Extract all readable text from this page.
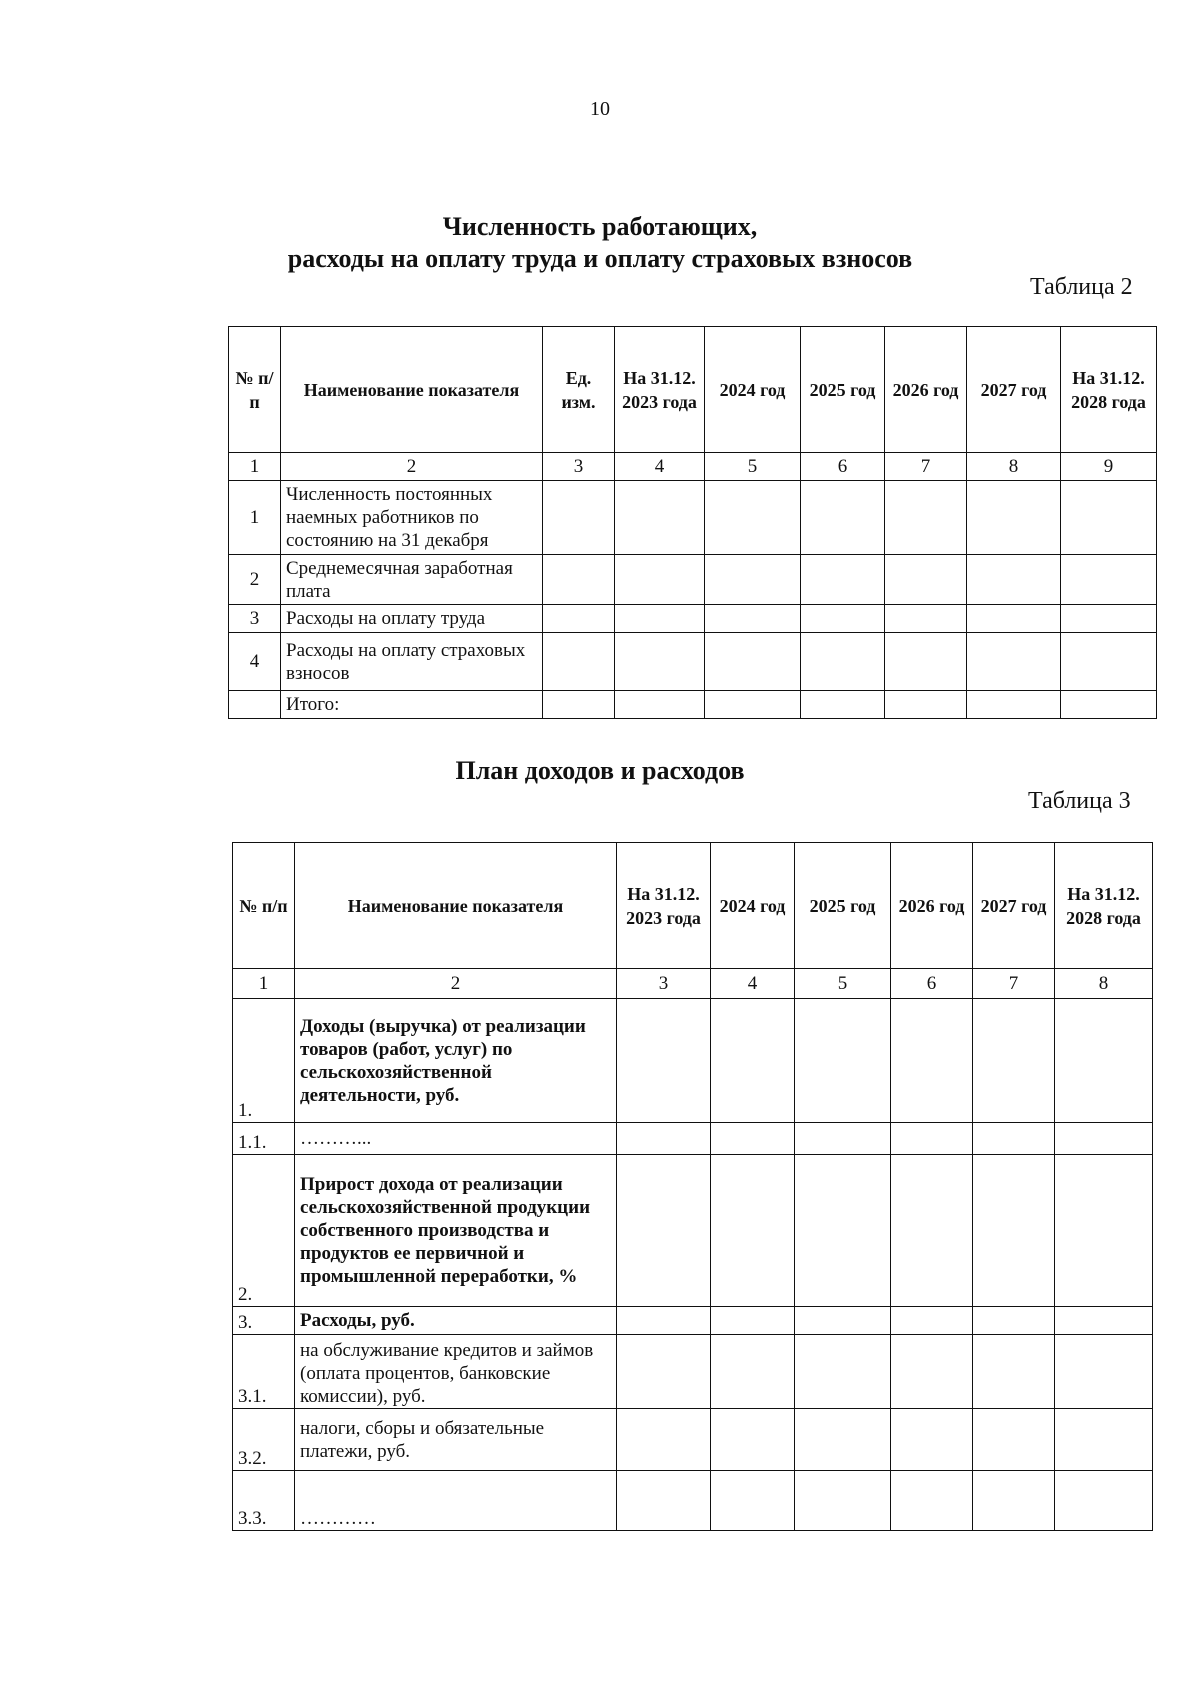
10
Численность работающих,
расходы на оплату труда и оплату страховых взносов
Таблица 2
№ п/п	Наименование показателя	Ед. изм.	На 31.12. 2023 года	2024 год	2025 год	2026 год	2027 год	На 31.12. 2028 года
1	2	3	4	5	6	7	8	9
1	Численность постоянных наемных работников по состоянию на 31 декабря							
2	Среднемесячная заработная плата							
3	Расходы на оплату труда							
4	Расходы на оплату страховых взносов							
	Итого:							
План доходов и расходов
Таблица 3
№ п/п	Наименование показателя	На 31.12. 2023 года	2024 год	2025 год	2026 год	2027 год	На 31.12. 2028 года
1	2	3	4	5	6	7	8
1.	Доходы (выручка) от реализации товаров (работ, услуг) по сельскохозяйственной деятельности, руб.						
1.1.	………...						
2.	Прирост дохода от реализации сельскохозяйственной продукции собственного производства и продуктов ее первичной и промышленной переработки, %						
3.	Расходы, руб.						
3.1.	на обслуживание кредитов и займов (оплата процентов, банковские комиссии), руб.						
3.2.	налоги, сборы и обязательные платежи, руб.						
3.3.	…………						
